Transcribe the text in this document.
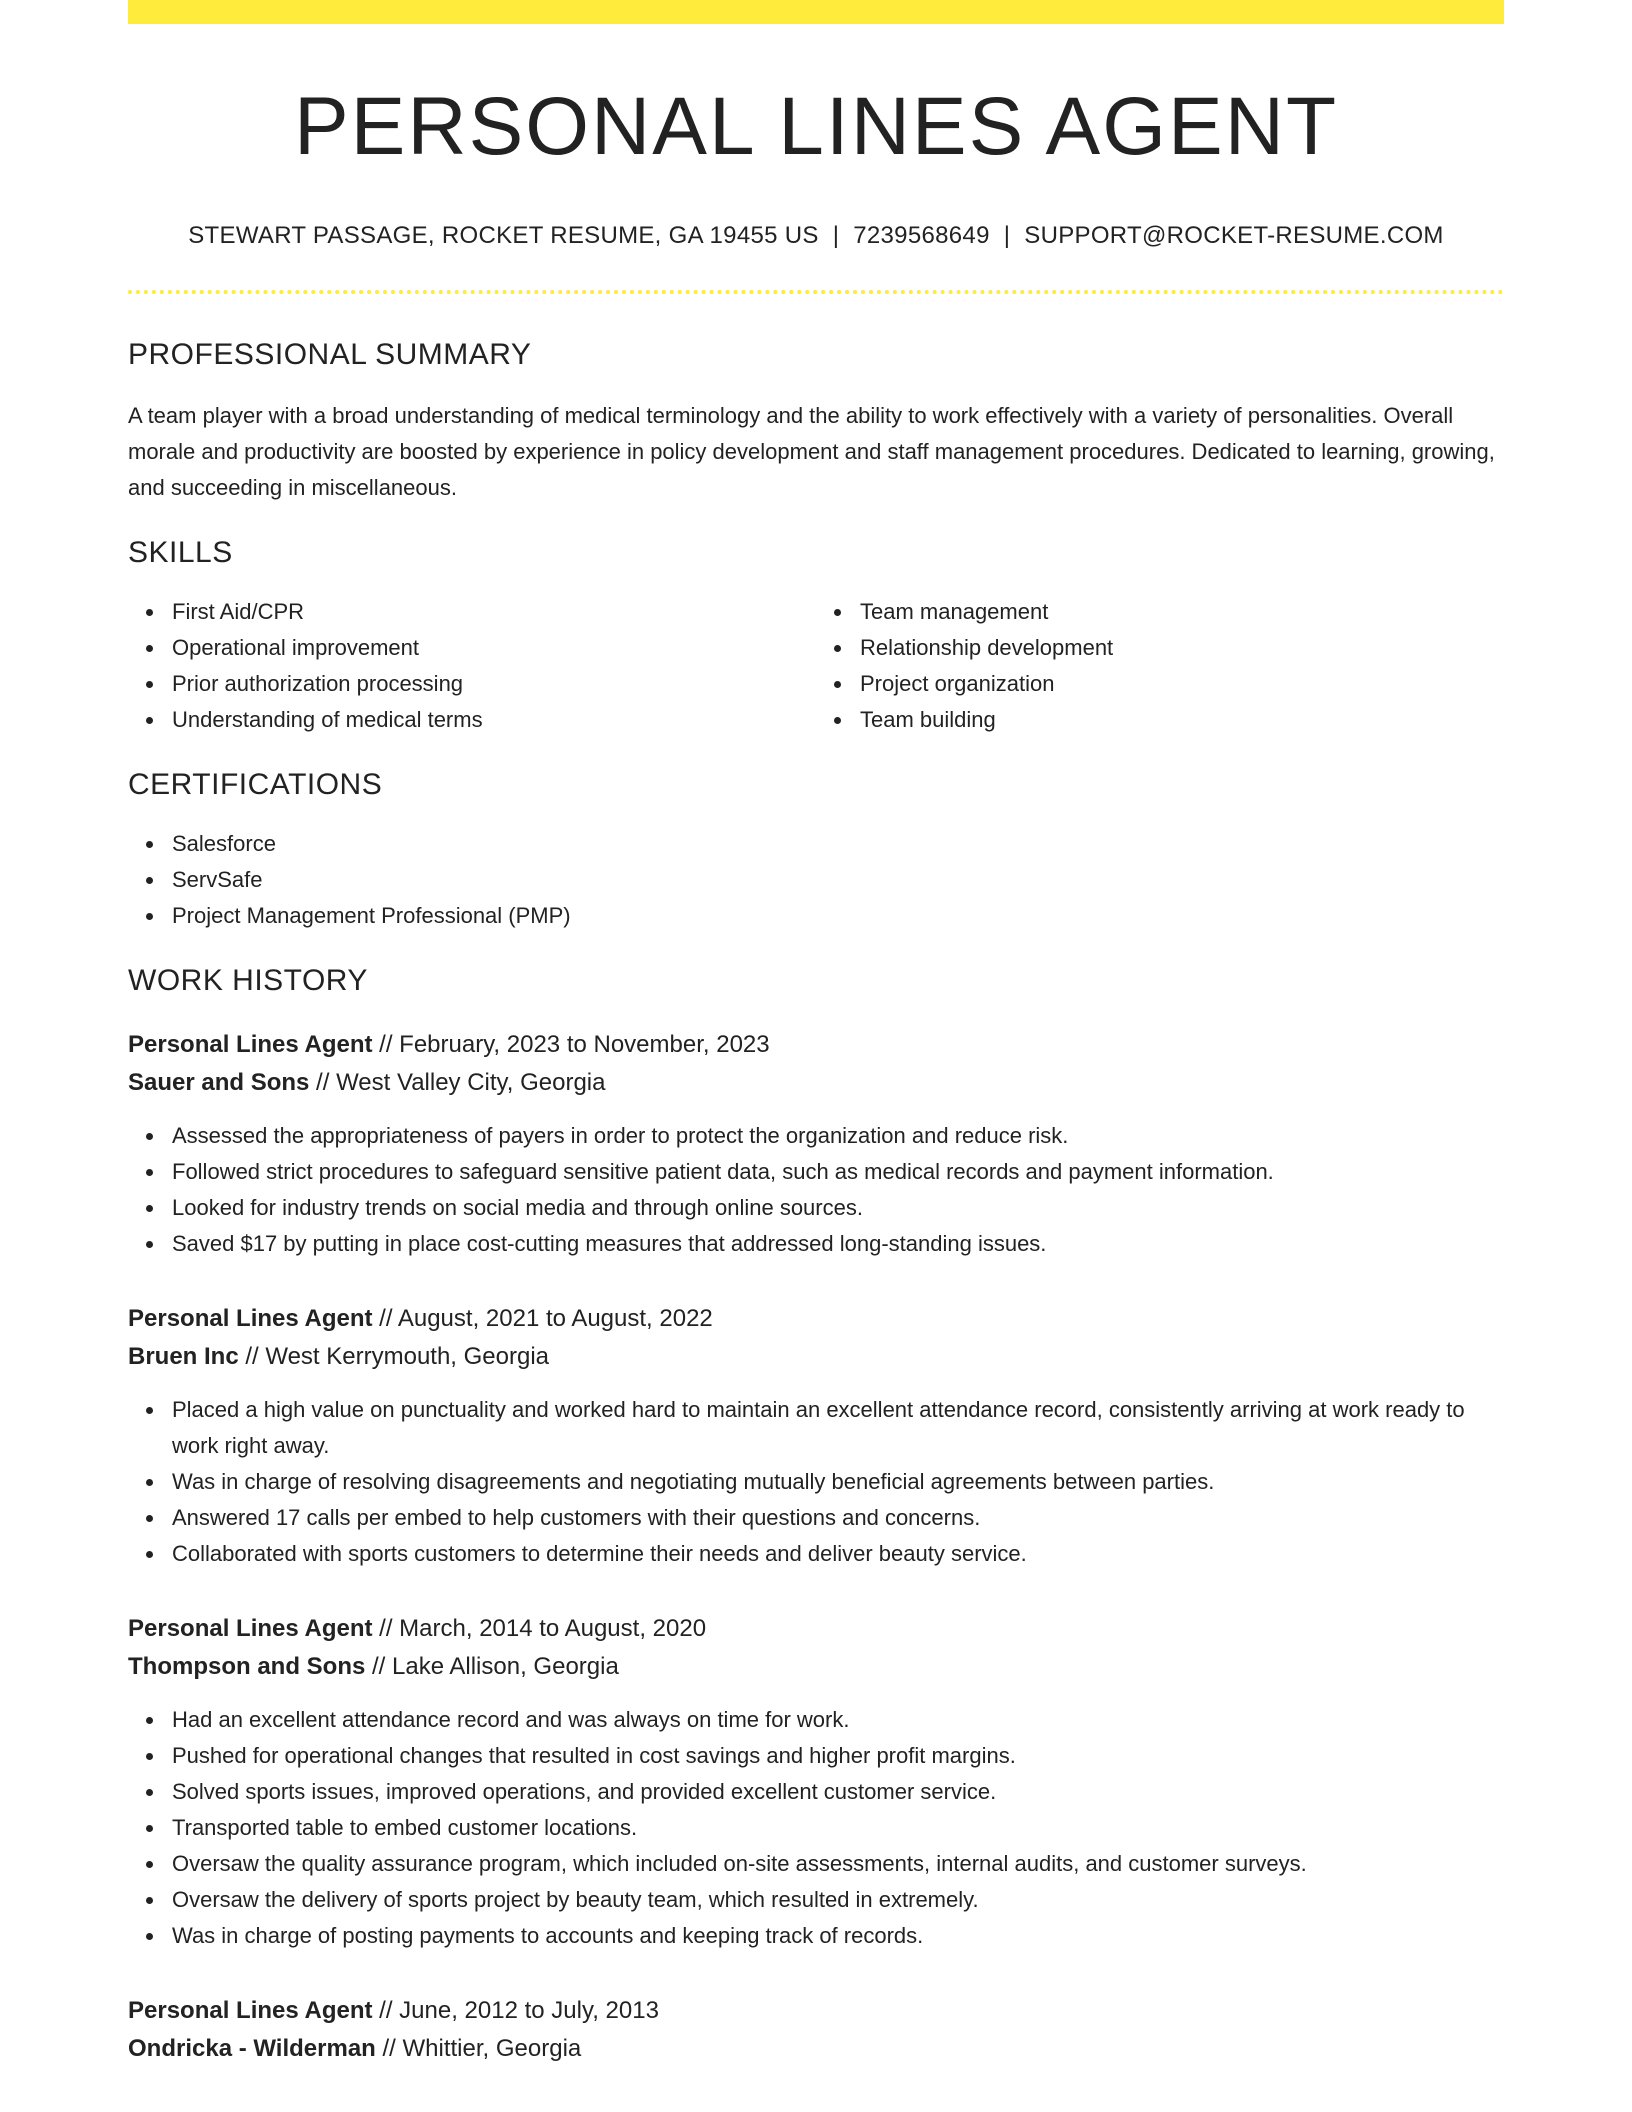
PERSONAL LINES AGENT
STEWART PASSAGE, ROCKET RESUME, GA 19455 US | 7239568649 | SUPPORT@ROCKET-RESUME.COM
PROFESSIONAL SUMMARY

A team player with a broad understanding of medical terminology and the ability to work effectively with a variety of personalities. Overall morale and productivity are boosted by experience in policy development and staff management procedures. Dedicated to learning, growing, and succeeding in miscellaneous.

SKILLS
First Aid/CPR
Operational improvement
Prior authorization processing
Understanding of medical terms
Team management
Relationship development
Project organization
Team building
CERTIFICATIONS
Salesforce
ServSafe
Project Management Professional (PMP)
WORK HISTORY
Personal Lines Agent // February, 2023 to November, 2023
Sauer and Sons // West Valley City, Georgia
Assessed the appropriateness of payers in order to protect the organization and reduce risk.
Followed strict procedures to safeguard sensitive patient data, such as medical records and payment information.
Looked for industry trends on social media and through online sources.
Saved $17 by putting in place cost-cutting measures that addressed long-standing issues.
Personal Lines Agent // August, 2021 to August, 2022
Bruen Inc // West Kerrymouth, Georgia
Placed a high value on punctuality and worked hard to maintain an excellent attendance record, consistently arriving at work ready to work right away.
Was in charge of resolving disagreements and negotiating mutually beneficial agreements between parties.
Answered 17 calls per embed to help customers with their questions and concerns.
Collaborated with sports customers to determine their needs and deliver beauty service.
Personal Lines Agent // March, 2014 to August, 2020
Thompson and Sons // Lake Allison, Georgia
Had an excellent attendance record and was always on time for work.
Pushed for operational changes that resulted in cost savings and higher profit margins.
Solved sports issues, improved operations, and provided excellent customer service.
Transported table to embed customer locations.
Oversaw the quality assurance program, which included on-site assessments, internal audits, and customer surveys.
Oversaw the delivery of sports project by beauty team, which resulted in extremely.
Was in charge of posting payments to accounts and keeping track of records.
Personal Lines Agent // June, 2012 to July, 2013
Ondricka - Wilderman // Whittier, Georgia
